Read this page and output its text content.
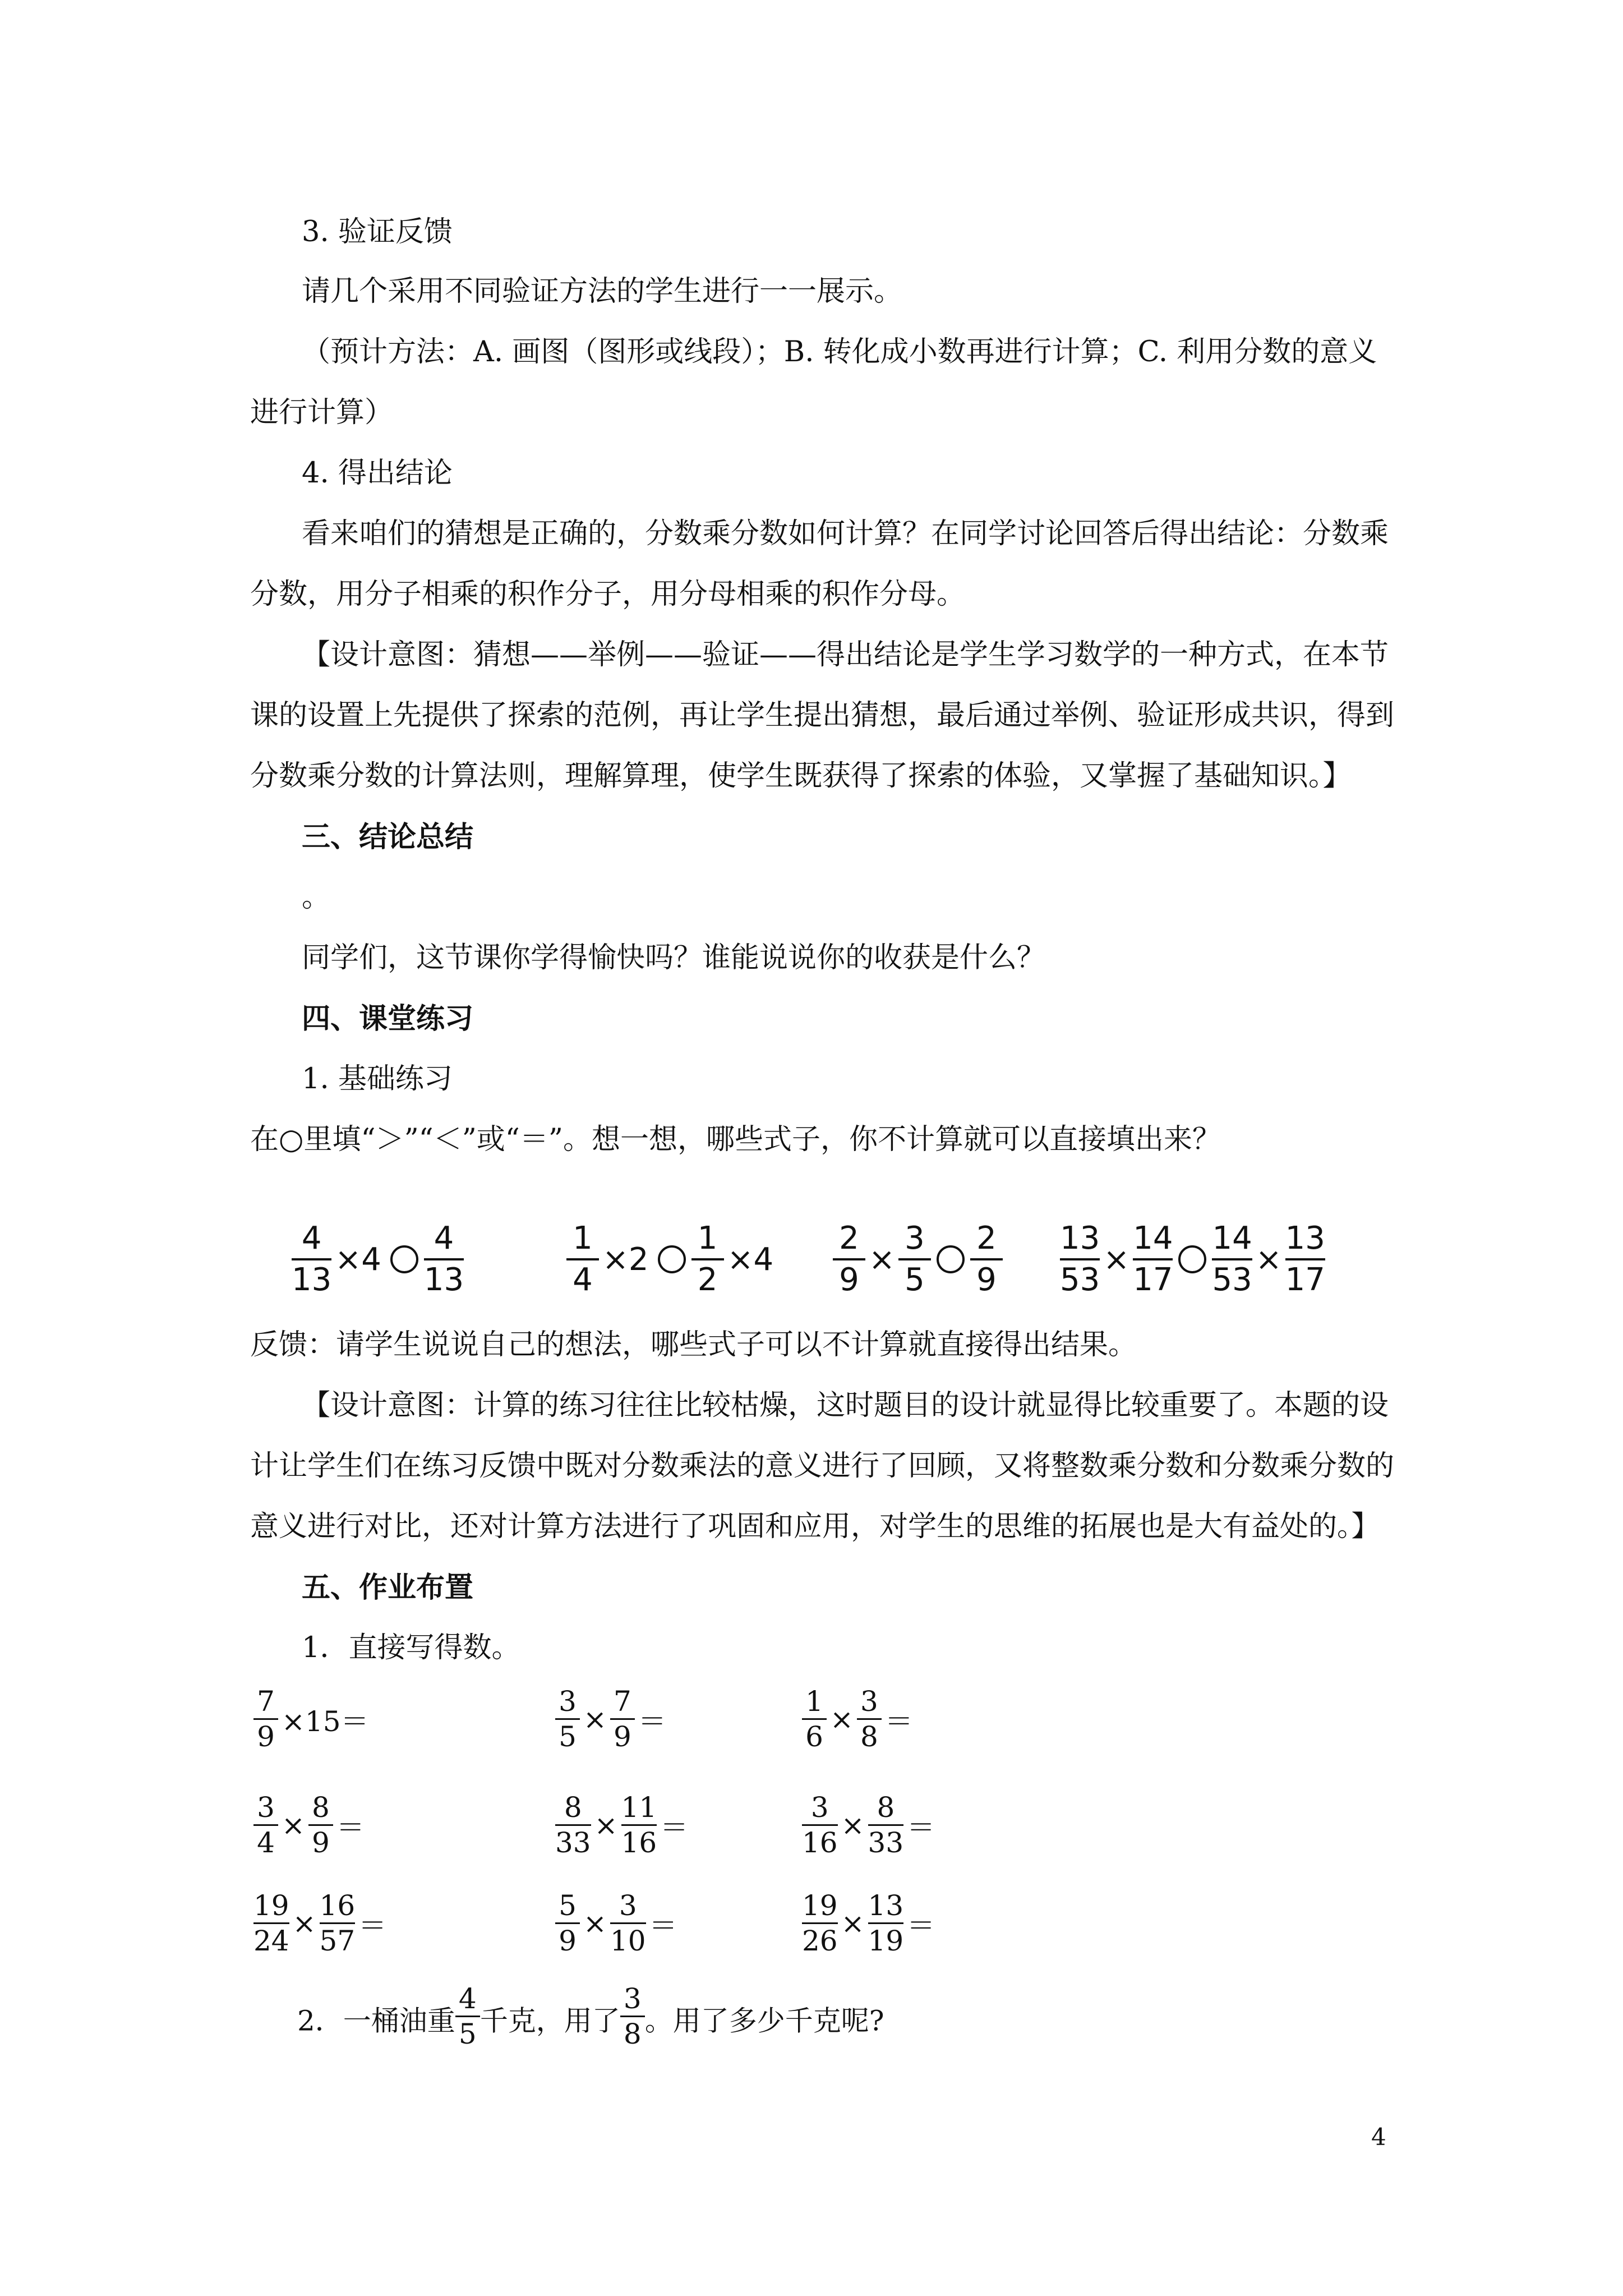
3. 验证反馈
请几个采用不同验证方法的学生进行一一展示。
（预计方法：A. 画图（图形或线段）；B. 转化成小数再进行计算；C. 利用分数的意义
进行计算）
4. 得出结论
看来咱们的猜想是正确的，分数乘分数如何计算？在同学讨论回答后得出结论：分数乘
分数，用分子相乘的积作分子，用分母相乘的积作分母。
【设计意图：猜想——举例——验证——得出结论是学生学习数学的一种方式，在本节
课的设置上先提供了探索的范例，再让学生提出猜想，最后通过举例、验证形成共识，得到
分数乘分数的计算法则，理解算理，使学生既获得了探索的体验，又掌握了基础知识。】
三、结论总结
。
同学们，这节课你学得愉快吗？谁能说说你的收获是什么？
四、课堂练习
1. 基础练习
在○里填“＞”“＜”或“＝”。想一想，哪些式子，你不计算就可以直接填出来？
$\frac{4}{13} \times 4 \frac{4}{13}$	$\frac{1}{4} \times 2 \frac{1}{2} \times 4 \frac{2}{9} \times \frac{3}{5} \frac{2}{9} \frac{13}{53} \times \frac{14}{17} \frac{14}{53} \times \frac{13}{17}$
反馈：请学生说说自己的想法，哪些式子可以不计算就直接得出结果。
【设计意图：计算的练习往往比较枯燥，这时题目的设计就显得比较重要了。本题的设
计让学生们在练习反馈中既对分数乘法的意义进行了回顾，又将整数乘分数和分数乘分数的
意义进行对比，还对计算方法进行了巩固和应用，对学生的思维的拓展也是大有益处的。】
五、作业布置
1．直接写得数。
$\frac{7}{9} \times 15=$	$\frac{3}{5} \times \frac{7}{9}$ ＝	$\frac{1}{6} \times \frac{3}{8}$ ＝
$\frac{3}{4} \times \frac{8}{9}$ ＝	$\frac{8}{33} \times \frac{11}{16}$ ＝	$\frac{3}{16} \times \frac{8}{33}$ ＝
$\frac{19}{24} \times \frac{16}{57}$ ＝	$\frac{5}{9} \times \frac{3}{10}$ ＝	$\frac{19}{26} \times \frac{13}{19}$ ＝
2．一桶油重 $\frac{4}{5}$ 千克，用了 $\frac{3}{8}$ 。用了多少千克呢?
4
